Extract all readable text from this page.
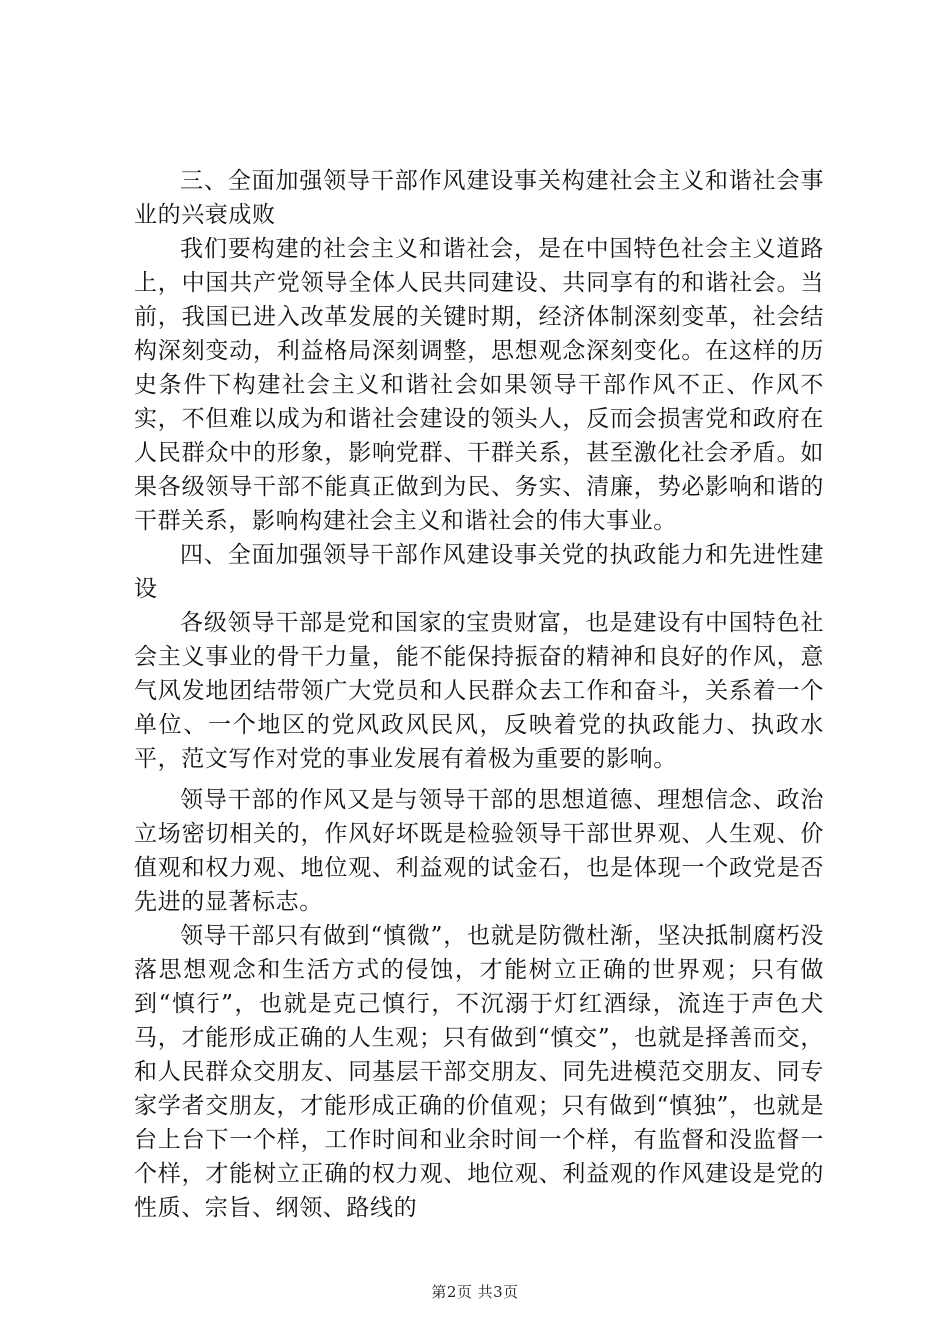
三、全面加强领导干部作风建设事关构建社会主义和谐社会事业的兴衰成败

我们要构建的社会主义和谐社会，是在中国特色社会主义道路上，中国共产党领导全体人民共同建设、共同享有的和谐社会。当前，我国已进入改革发展的关键时期，经济体制深刻变革，社会结构深刻变动，利益格局深刻调整，思想观念深刻变化。在这样的历史条件下构建社会主义和谐社会如果领导干部作风不正、作风不实，不但难以成为和谐社会建设的领头人，反而会损害党和政府在人民群众中的形象，影响党群、干群关系，甚至激化社会矛盾。如果各级领导干部不能真正做到为民、务实、清廉，势必影响和谐的干群关系，影响构建社会主义和谐社会的伟大事业。

四、全面加强领导干部作风建设事关党的执政能力和先进性建设

各级领导干部是党和国家的宝贵财富，也是建设有中国特色社会主义事业的骨干力量，能不能保持振奋的精神和良好的作风，意气风发地团结带领广大党员和人民群众去工作和奋斗，关系着一个单位、一个地区的党风政风民风，反映着党的执政能力、执政水平，范文写作对党的事业发展有着极为重要的影响。

领导干部的作风又是与领导干部的思想道德、理想信念、政治立场密切相关的，作风好坏既是检验领导干部世界观、人生观、价值观和权力观、地位观、利益观的试金石，也是体现一个政党是否先进的显著标志。

领导干部只有做到“慎微”，也就是防微杜渐，坚决抵制腐朽没落思想观念和生活方式的侵蚀，才能树立正确的世界观；只有做到“慎行”，也就是克己慎行，不沉溺于灯红酒绿，流连于声色犬马，才能形成正确的人生观；只有做到“慎交”，也就是择善而交，和人民群众交朋友、同基层干部交朋友、同先进模范交朋友、同专家学者交朋友，才能形成正确的价值观；只有做到“慎独”，也就是台上台下一个样，工作时间和业余时间一个样，有监督和没监督一个样，才能树立正确的权力观、地位观、利益观的作风建设是党的性质、宗旨、纲领、路线的

第2页 共3页
